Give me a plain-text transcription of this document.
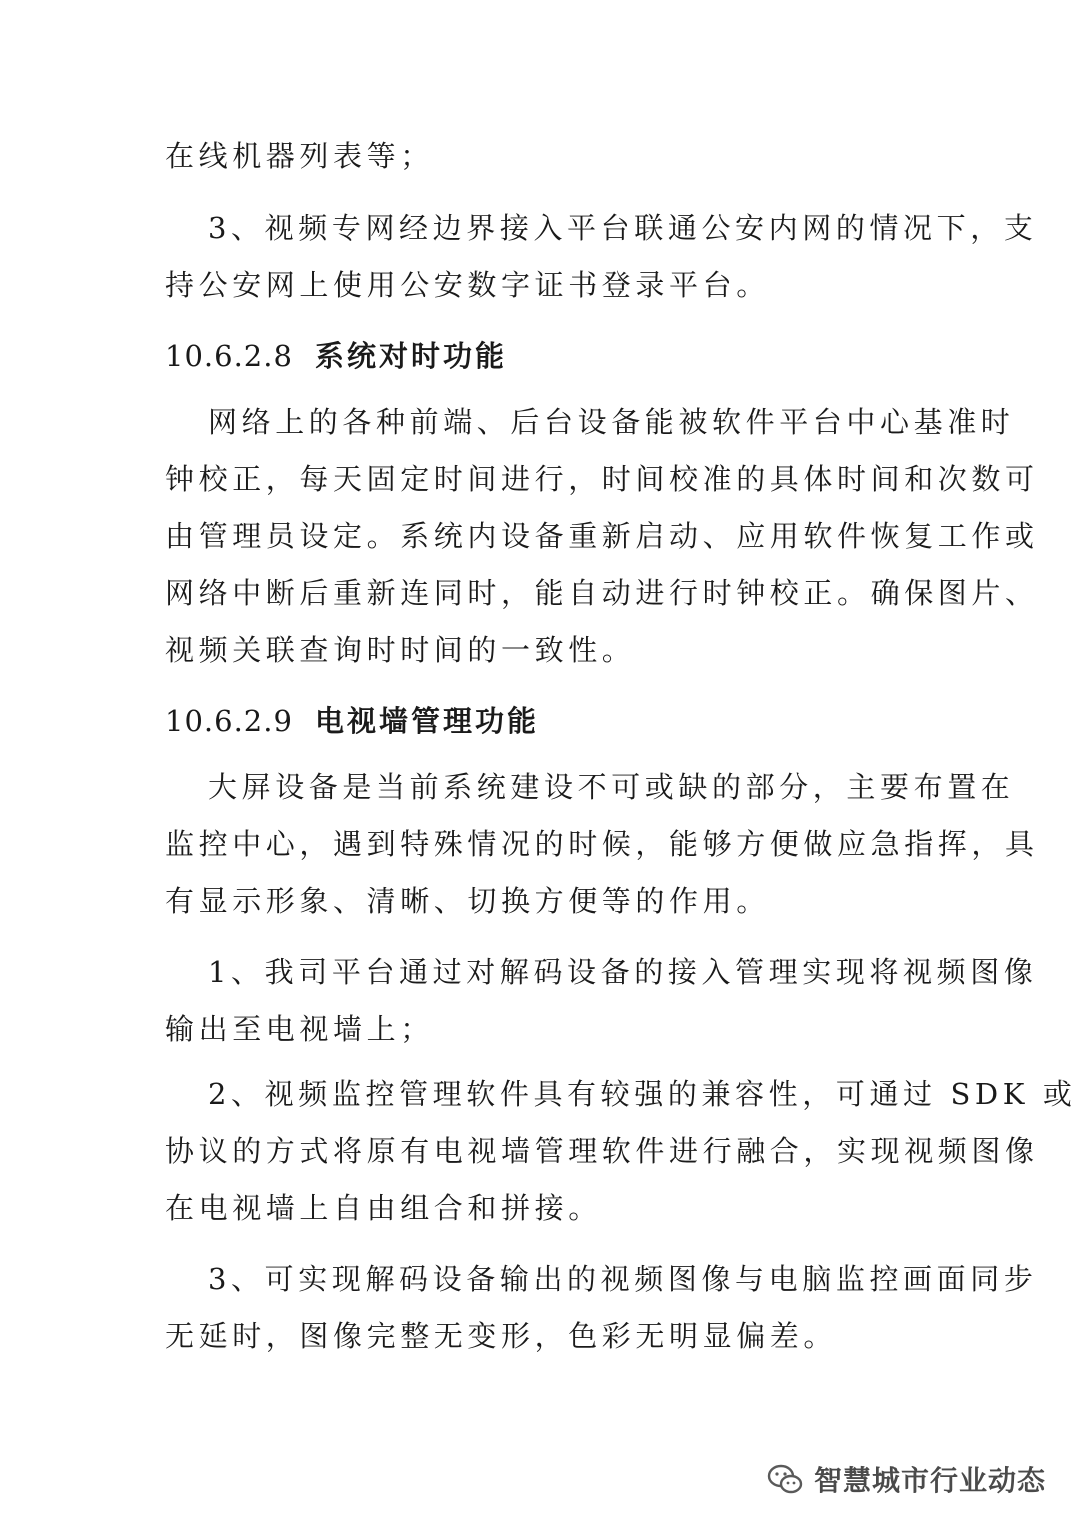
在线机器列表等；
3、视频专网经边界接入平台联通公安内网的情况下，支
持公安网上使用公安数字证书登录平台。
10.6.2.8 系统对时功能
网络上的各种前端、后台设备能被软件平台中心基准时
钟校正，每天固定时间进行，时间校准的具体时间和次数可
由管理员设定。系统内设备重新启动、应用软件恢复工作或
网络中断后重新连同时，能自动进行时钟校正。确保图片、
视频关联查询时时间的一致性。
10.6.2.9 电视墙管理功能
大屏设备是当前系统建设不可或缺的部分，主要布置在
监控中心，遇到特殊情况的时候，能够方便做应急指挥，具
有显示形象、清晰、切换方便等的作用。
1、我司平台通过对解码设备的接入管理实现将视频图像
输出至电视墙上；
2、视频监控管理软件具有较强的兼容性，可通过 SDK 或
协议的方式将原有电视墙管理软件进行融合，实现视频图像
在电视墙上自由组合和拼接。
3、可实现解码设备输出的视频图像与电脑监控画面同步
无延时，图像完整无变形，色彩无明显偏差。
智慧城市行业动态
